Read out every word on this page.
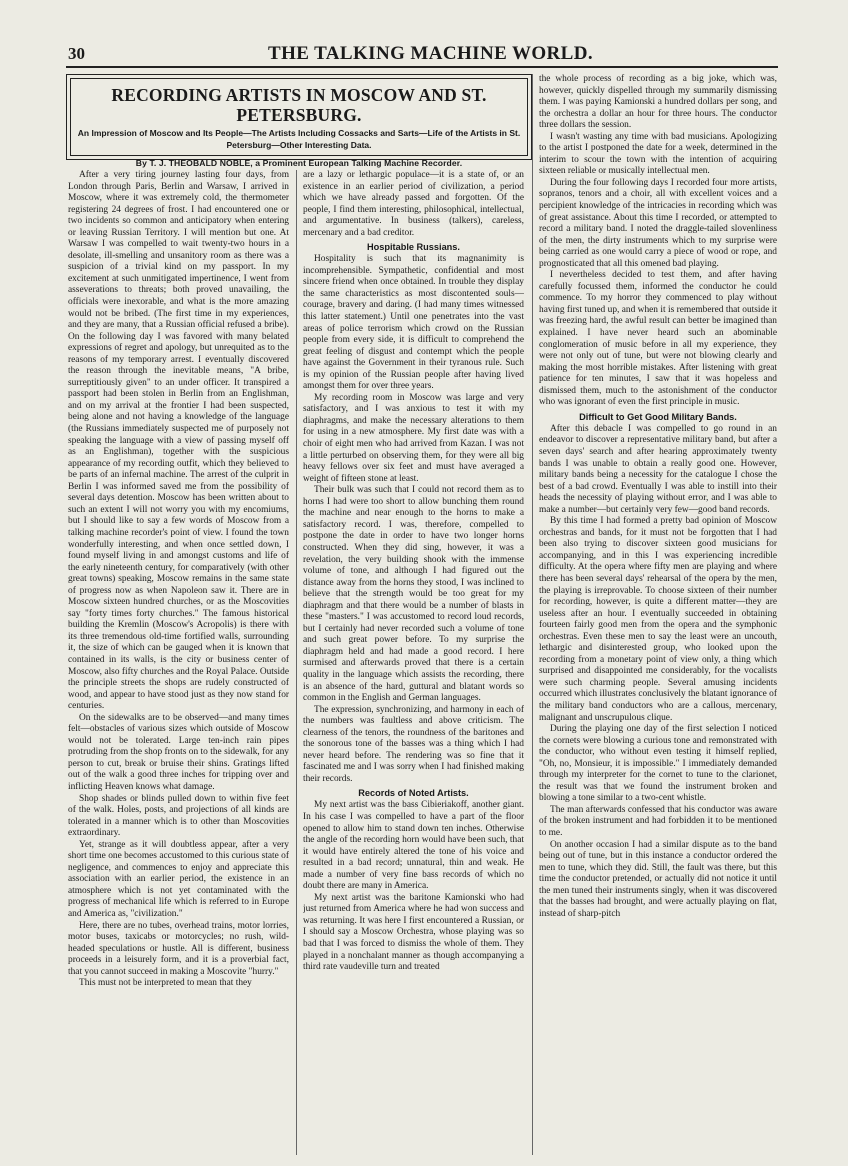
30	THE TALKING MACHINE WORLD.
RECORDING ARTISTS IN MOSCOW AND ST. PETERSBURG.
An Impression of Moscow and Its People—The Artists Including Cossacks and Sarts—Life of the Artists in St. Petersburg—Other Interesting Data.
By T. J. THEOBALD NOBLE, a Prominent European Talking Machine Recorder.

After a very tiring journey lasting four days, from London through Paris, Berlin and Warsaw, I arrived in Moscow, where it was extremely cold, the thermometer registering 24 degrees of frost. I had encountered one or two incidents so common and anticipatory when entering or leaving Russian Territory. I will mention but one. At Warsaw I was compelled to wait twenty-two hours in a desolate, ill-smelling and unsanitory room as there was a suspicion of a trivial kind on my passport. In my excitement at such unmitigated impertinence, I went from asseverations to threats; both proved unavailing, the officials were inexorable, and what is the more amazing would not be bribed. (The first time in my experiences, and they are many, that a Russian official refused a bribe). On the following day I was favored with many belated expressions of regret and apology, but unrequited as to the reasons of my temporary arrest. I eventually discovered the reason through the inevitable means, "A bribe, surreptitiously given" to an under officer. It transpired a passport had been stolen in Berlin from an Englishman, and on my arrival at the frontier I had been suspected, being alone and not having a knowledge of the language (the Russians immediately suspected me of purposely not speaking the language with a view of passing myself off as an Englishman), together with the suspicious appearance of my recording outfit, which they believed to be parts of an infernal machine. The arrest of the culprit in Berlin I was informed saved me from the possibility of several days detention. Moscow has been written about to such an extent I will not worry you with my encomiums, but I should like to say a few words of Moscow from a talking machine recorder's point of view. I found the town wonderfully interesting, and when once settled down, I found myself living in and amongst customs and life of the early nineteenth century, for comparatively (with other great towns) speaking, Moscow remains in the same state of progress now as when Napoleon saw it. There are in Moscow sixteen hundred churches, or as the Moscovities say "forty times forty churches." The famous historical building the Kremlin (Moscow's Acropolis) is there with its three tremendous old-time fortified walls, surrounding it, the size of which can be gauged when it is known that contained in its walls, is the city or business center of Moscow, also fifty churches and the Royal Palace. Outside the principle streets the shops are rudely constructed of wood, and appear to have stood just as they now stand for centuries.

On the sidewalks are to be observed—and many times felt—obstacles of various sizes which outside of Moscow would not be tolerated. Large ten-inch rain pipes protruding from the shop fronts on to the sidewalk, for any person to cut, break or bruise their shins. Gratings lifted out of the walk a good three inches for tripping over and inflicting Heaven knows what damage.

Shop shades or blinds pulled down to within five feet of the walk. Holes, posts, and projections of all kinds are tolerated in a manner which is to other than Moscovities extraordinary.

Yet, strange as it will doubtless appear, after a very short time one becomes accustomed to this curious state of negligence, and commences to enjoy and appreciate this association with an earlier period, the existence in an atmosphere which is not yet contaminated with the progress of mechanical life which is referred to in Europe and America as, "civilization."

Here, there are no tubes, overhead trains, motor lorries, motor buses, taxicabs or motorcycles; no rush, wild-headed speculations or hustle. All is different, business proceeds in a leisurely form, and it is a proverbial fact, that you cannot succeed in making a Moscovite "hurry."

This must not be interpreted to mean that they

are a lazy or lethargic populace—it is a state of, or an existence in an earlier period of civilization, a period which we have already passed and forgotten. Of the people, I find them interesting, philosophical, intellectual, and argumentative. In business (talkers), careless, mercenary and a bad creditor.

Hospitable Russians.

Hospitality is such that its magnanimity is incomprehensible. Sympathetic, confidential and most sincere friend when once obtained. In trouble they display the same characteristics as most discontented souls—courage, bravery and daring. (I had many times witnessed this latter statement.) Until one penetrates into the vast areas of police terrorism which crowd on the Russian people from every side, it is difficult to comprehend the great feeling of disgust and contempt which the people have against the Government in their tyranous rule. Such is my opinion of the Russian people after having lived amongst them for over three years.

My recording room in Moscow was large and very satisfactory, and I was anxious to test it with my diaphragms, and make the necessary alterations to them for using in a new atmosphere. My first date was with a choir of eight men who had arrived from Kazan. I was not a little perturbed on observing them, for they were all big heavy fellows over six feet and must have averaged a weight of fifteen stone at least.

Their bulk was such that I could not record them as to horns I had were too short to allow bunching them round the machine and near enough to the horns to make a satisfactory record. I was, therefore, compelled to postpone the date in order to have two longer horns constructed. When they did sing, however, it was a revelation, the very building shook with the immense volume of tone, and although I had figured out the distance away from the horns they stood, I was inclined to believe that the strength would be too great for my diaphragm and that there would be a number of blasts in these "masters." I was accustomed to record loud records, but I certainly had never recorded such a volume of tone and such great power before. To my surprise the diaphragm held and had made a good record. I here surmised and afterwards proved that there is a certain quality in the language which assists the recording, there is an absence of the hard, guttural and blatant words so common in the English and German languages.

The expression, synchronizing, and harmony in each of the numbers was faultless and above criticism. The clearness of the tenors, the roundness of the baritones and the sonorous tone of the basses was a thing which I had never heard before. The rendering was so fine that it fascinated me and I was sorry when I had finished making their records.

Records of Noted Artists.

My next artist was the bass Cibieriakoff, another giant. In his case I was compelled to have a part of the floor opened to allow him to stand down ten inches. Otherwise the angle of the recording horn would have been such, that it would have entirely altered the tone of his voice and resulted in a bad record; unnatural, thin and weak. He made a number of very fine bass records of which no doubt there are many in America.

My next artist was the baritone Kamionski who had just returned from America where he had won success and was returning. It was here I first encountered a Russian, or I should say a Moscow Orchestra, whose playing was so bad that I was forced to dismiss the whole of them. They played in a nonchalant manner as though accompanying a third rate vaudeville turn and treated

the whole process of recording as a big joke, which was, however, quickly dispelled through my summarily dismissing them. I was paying Kamionski a hundred dollars per song, and the orchestra a dollar an hour for three hours. The conductor three dollars the session.

I wasn't wasting any time with bad musicians. Apologizing to the artist I postponed the date for a week, determined in the interim to scour the town with the intention of acquiring sixteen reliable or musically intellectual men.

During the four following days I recorded four more artists, sopranos, tenors and a choir, all with excellent voices and a percipient knowledge of the intricacies in recording which was of great assistance. About this time I recorded, or attempted to record a military band. I noted the draggle-tailed slovenliness of the men, the dirty instruments which to my surprise were being carried as one would carry a piece of wood or rope, and prognosticated that all this omened bad playing.

I nevertheless decided to test them, and after having carefully focussed them, informed the conductor he could commence. To my horror they commenced to play without having first tuned up, and when it is remembered that outside it was freezing hard, the awful result can better be imagined than explained. I have never heard such an abominable conglomeration of music before in all my experience, they were not only out of tune, but were not blowing clearly and making the most horrible mistakes. After listening with great patience for ten minutes, I saw that it was hopeless and dismissed them, much to the astonishment of the conductor who was ignorant of even the first principle in music.

Difficult to Get Good Military Bands.

After this debacle I was compelled to go round in an endeavor to discover a representative military band, but after a seven days' search and after hearing approximately twenty bands I was unable to obtain a really good one. However, military bands being a necessity for the catalogue I chose the best of a bad crowd. Eventually I was able to instill into their heads the necessity of playing without error, and I was able to make a number—but certainly very few—good band records.

By this time I had formed a pretty bad opinion of Moscow orchestras and bands, for it must not be forgotten that I had been also trying to discover sixteen good musicians for accompanying, and in this I was experiencing incredible difficulty. At the opera where fifty men are playing and where there has been several days' rehearsal of the opera by the men, the playing is irreprovable. To choose sixteen of their number for recording, however, is quite a different matter—they are useless after an hour. I eventually succeeded in obtaining fourteen fairly good men from the opera and the symphonic orchestras. Even these men to say the least were an uncouth, lethargic and disinterested group, who looked upon the recording from a monetary point of view only, a thing which surprised and disappointed me considerably, for the vocalists were such charming people. Several amusing incidents occurred which illustrates conclusively the blatant ignorance of the military band conductors who are a callous, mercenary, malignant and unscrupulous clique.

During the playing one day of the first selection I noticed the cornets were blowing a curious tone and remonstrated with the conductor, who without even testing it himself replied, "Oh, no, Monsieur, it is impossible." I immediately demanded through my interpreter for the cornet to tune to the clarionet, the result was that we found the instrument broken and blowing a tone similar to a two-cent whistle.

The man afterwards confessed that his conductor was aware of the broken instrument and had forbidden it to be mentioned to me.

On another occasion I had a similar dispute as to the band being out of tune, but in this instance a conductor ordered the men to tune, which they did. Still, the fault was there, but this time the conductor pretended, or actually did not notice it until the men tuned their instruments singly, when it was discovered that the basses had brought, and were actually playing on flat, instead of sharp-pitch
